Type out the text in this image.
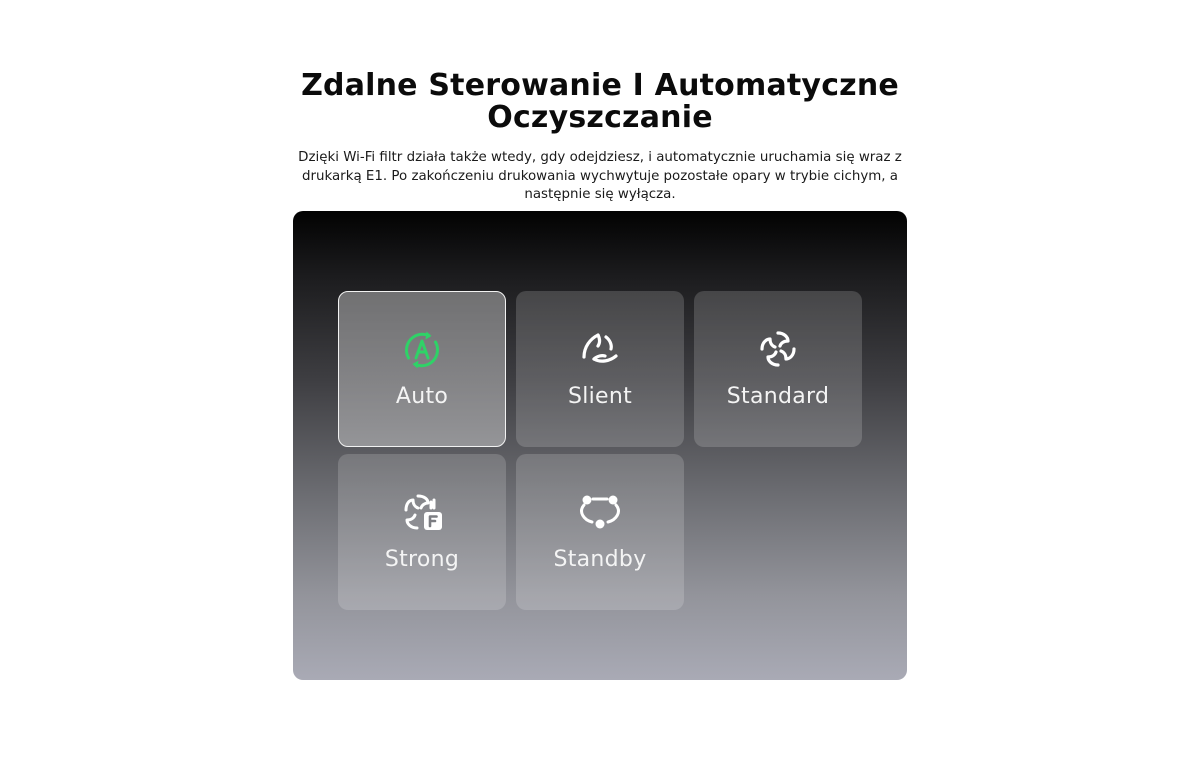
Zdalne Sterowanie I Automatyczne Oczyszczanie

Dzięki Wi-Fi filtr działa także wtedy, gdy odejdziesz, i automatycznie uruchamia się wraz z drukarką E1. Po zakończeniu drukowania wychwytuje pozostałe opary w trybie cichym, a następnie się wyłącza.

Auto	Slient	Standard
Strong	Standby
